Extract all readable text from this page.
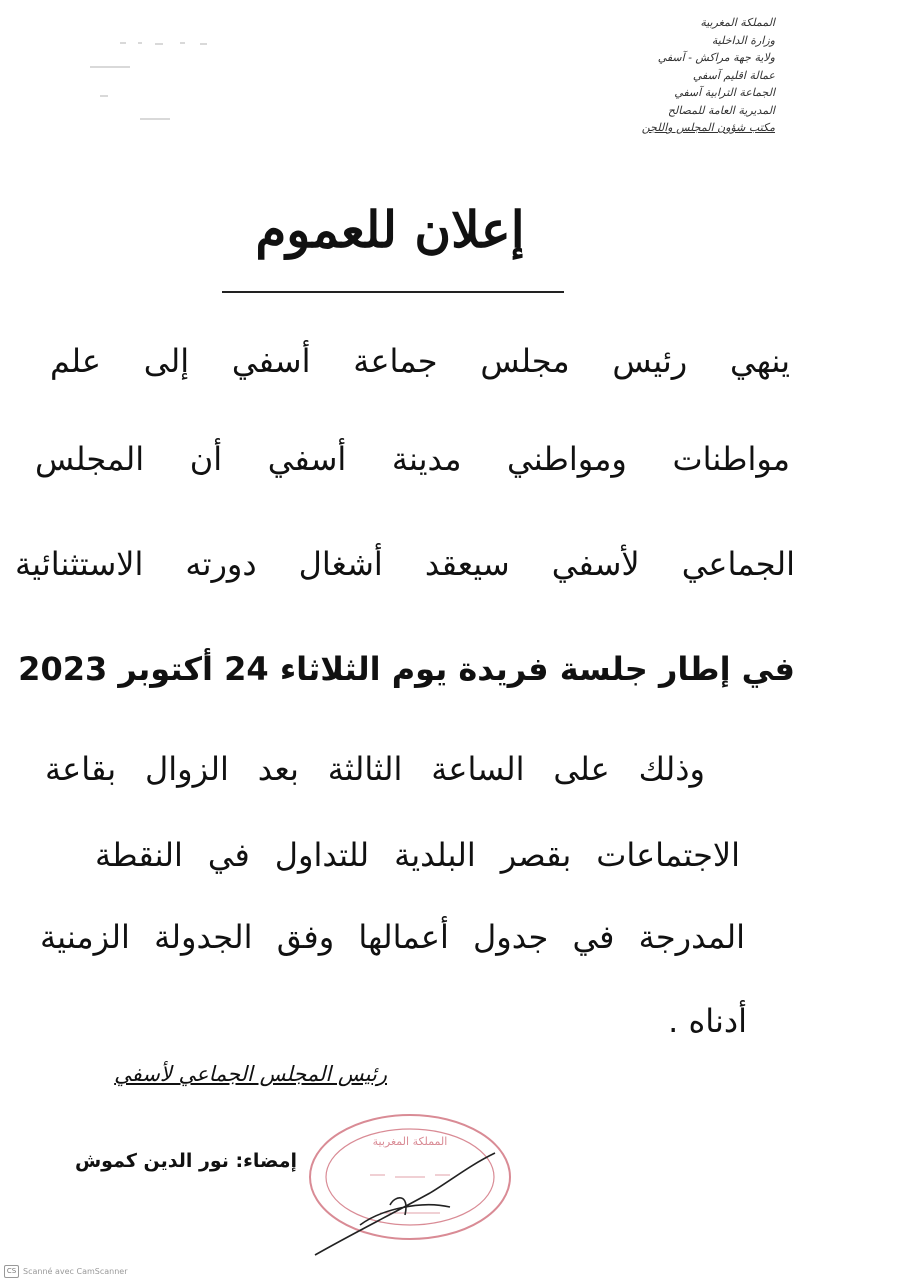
المملكة المغربية
وزارة الداخلية
ولاية جهة مراكش - آسفي
عمالة اقليم آسفي
الجماعة الترابية آسفي
المديرية العامة للمصالح
مكتب شؤون المجلس واللجن
إعلان للعموم
ينهي رئيس مجلس جماعة أسفي إلى علم
مواطنات ومواطني مدينة أسفي أن المجلس
الجماعي لأسفي سيعقد أشغال دورته الاستثنائية
في إطار جلسة فريدة يوم الثلاثاء 24 أكتوبر 2023
وذلك على الساعة الثالثة بعد الزوال بقاعة
الاجتماعات بقصر البلدية للتداول في النقطة
المدرجة في جدول أعمالها وفق الجدولة الزمنية
أدناه .
رئيس المجلس الجماعي لأسفي
المملكة المغربية
إمضاء: نور الدين كموش
CS Scanné avec CamScanner
